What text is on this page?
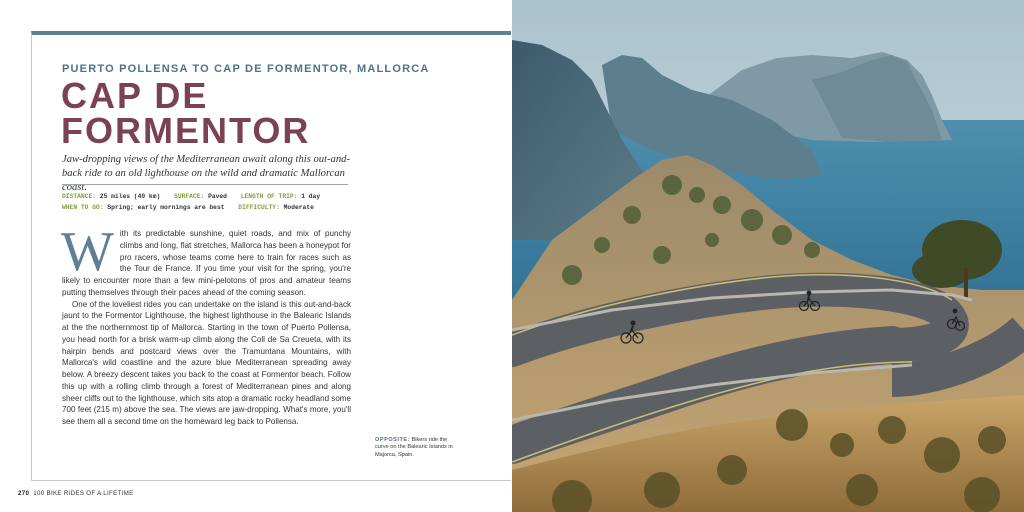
PUERTO POLLENSA TO CAP DE FORMENTOR, MALLORCA
CAP DE FORMENTOR

Jaw-dropping views of the Mediterranean await along this out-and-back ride to an old lighthouse on the wild and dramatic Mallorcan coast.

DISTANCE: 25 miles (40 km) SURFACE: Paved LENGTH OF TRIP: 1 day
WHEN TO GO: Spring; early mornings are best DIFFICULTY: Moderate

With its predictable sunshine, quiet roads, and mix of punchy climbs and long, flat stretches, Mallorca has been a honeypot for pro racers, whose teams come here to train for races such as the Tour de France. If you time your visit for the spring, you're likely to encounter more than a few mini-pelotons of pros and amateur teams putting themselves through their paces ahead of the coming season.

One of the loveliest rides you can undertake on the island is this out-and-back jaunt to the Formentor Lighthouse, the highest lighthouse in the Balearic Islands at the the northernmost tip of Mallorca. Starting in the town of Puerto Pollensa, you head north for a brisk warm-up climb along the Coll de Sa Creueta, with its hairpin bends and postcard views over the Tramuntana Mountains, with Mallorca's wild coastline and the azure blue Mediterranean spreading away below. A breezy descent takes you back to the coast at Formentor beach. Follow this up with a rolling climb through a forest of Mediterranean pines and along sheer cliffs out to the lighthouse, which sits atop a dramatic rocky headland some 700 feet (215 m) above the sea. The views are jaw-dropping. What's more, you'll see them all a second time on the homeward leg back to Pollensa.

OPPOSITE: Bikers ride the curve on the Balearic Islands in Majorca, Spain.
270 100 BIKE RIDES OF A LIFETIME
